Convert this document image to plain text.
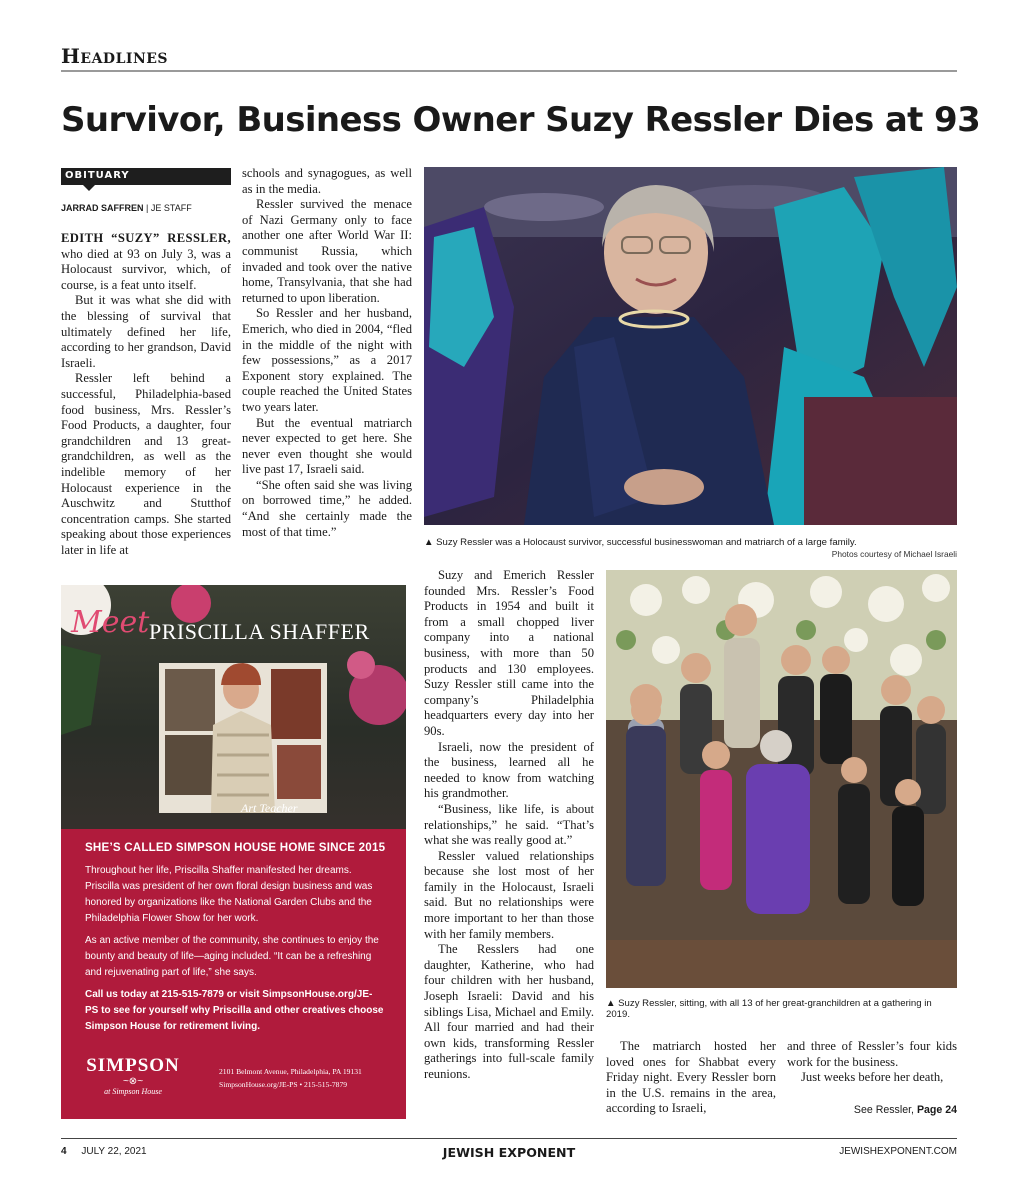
Headlines
Survivor, Business Owner Suzy Ressler Dies at 93
OBITUARY
JARRAD SAFFREN | JE STAFF

EDITH “SUZY” RESSLER, who died at 93 on July 3, was a Holocaust survivor, which, of course, is a feat unto itself.

But it was what she did with the blessing of survival that ultimately defined her life, according to her grandson, David Israeli.

Ressler left behind a successful, Philadelphia-based food business, Mrs. Ressler’s Food Products, a daughter, four grandchildren and 13 great-grandchildren, as well as the indelible memory of her Holocaust experience in the Auschwitz and Stutthof concentration camps. She started speaking about those experiences later in life at

schools and synagogues, as well as in the media.

Ressler survived the menace of Nazi Germany only to face another one after World War II: communist Russia, which invaded and took over the native home, Transylvania, that she had returned to upon liberation.

So Ressler and her husband, Emerich, who died in 2004, “fled in the middle of the night with few possessions,” as a 2017 Exponent story explained. The couple reached the United States two years later.

But the eventual matriarch never expected to get here. She never even thought she would live past 17, Israeli said.

“She often said she was living on borrowed time,” he added. “And she certainly made the most of that time.”

▲ Suzy Ressler was a Holocaust survivor, successful businesswoman and matriarch of a large family.
Photos courtesy of Michael Israeli
Meet PRISCILLA SHAFFER
Art Teacher
SHE’S CALLED SIMPSON HOUSE HOME SINCE 2015
Throughout her life, Priscilla Shaffer manifested her dreams. Priscilla was president of her own floral design business and was honored by organizations like the National Garden Clubs and the Philadelphia Flower Show for her work.
As an active member of the community, she continues to enjoy the bounty and beauty of life—aging included. “It can be a refreshing and rejuvenating part of life,” she says.
Call us today at 215-515-7879 or visit SimpsonHouse.org/JE-PS to see for yourself why Priscilla and other creatives choose Simpson House for retirement living.
SIMPSON
~⊗~
at Simpson House
2101 Belmont Avenue, Philadelphia, PA 19131
SimpsonHouse.org/JE-PS • 215-515-7879

Suzy and Emerich Ressler founded Mrs. Ressler’s Food Products in 1954 and built it from a small chopped liver company into a national business, with more than 50 products and 130 employees. Suzy Ressler still came into the company’s Philadelphia headquarters every day into her 90s.

Israeli, now the president of the business, learned all he needed to know from watching his grandmother.

“Business, like life, is about relationships,” he said. “That’s what she was really good at.”

Ressler valued relationships because she lost most of her family in the Holocaust, Israeli said. But no relationships were more important to her than those with her family members.

The Resslers had one daughter, Katherine, who had four children with her husband, Joseph Israeli: David and his siblings Lisa, Michael and Emily. All four married and had their own kids, transforming Ressler gatherings into full-scale family reunions.

▲ Suzy Ressler, sitting, with all 13 of her great-granchildren at a gathering in 2019.

The matriarch hosted her loved ones for Shabbat every Friday night. Every Ressler born in the U.S. remains in the area, according to Israeli,

and three of Ressler’s four kids work for the business.

Just weeks before her death,

See Ressler, Page 24
4 JULY 22, 2021	JEWISH EXPONENT	JEWISHEXPONENT.COM
